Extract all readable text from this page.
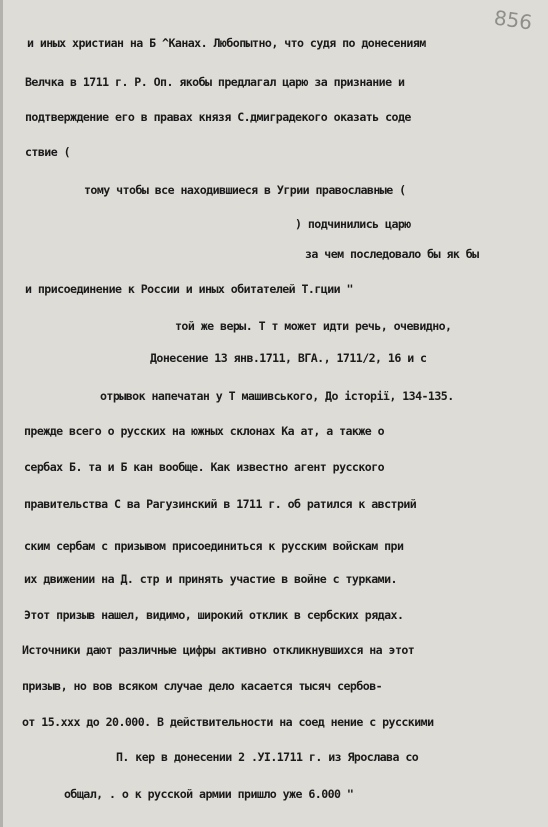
856
и иных христиан на Б ^Канах. Любопытно, что судя по донесениям
Велчка в 1711 г. Р. Оп. якобы предлагал царю за признание и
подтверждение его в правах князя С.дмиградекого оказать соде
ствие (
тому чтобы все находившиеся в Угрии православные (
) подчинились царю
за чем последовало бы як бы
и присоединение к России и иных обитателей Т.гции "
той же веры. Т т может идти речь, очевидно,
Донесение 13 янв.1711, ВГА., 1711/2, 16 и с
отрывок напечатан у Т машивського, До історії, 134-135.
прежде всего о русских на южных склонах Ка ат, а также о
сербах Б. та и Б кан вообще. Как известно агент русского
правительства С ва Рагузинский в 1711 г. об ратился к австрий
ским сербам с призывом присоединиться к русским войскам при
их движении на Д. стр и принять участие в войне с турками.
Этот призыв нашел, видимо, широкий отклик в сербских рядах.
Источники дают различные цифры активно откликнувшихся на этот
призыв, но вов всяком случае дело касается тысяч сербов-
от 15.ххх до 20.000. В действительности на соед нение с русскими
П. кер в донесении 2 .УI.1711 г. из Ярослава со
общал, . о к русской армии пришло уже 6.000 "
